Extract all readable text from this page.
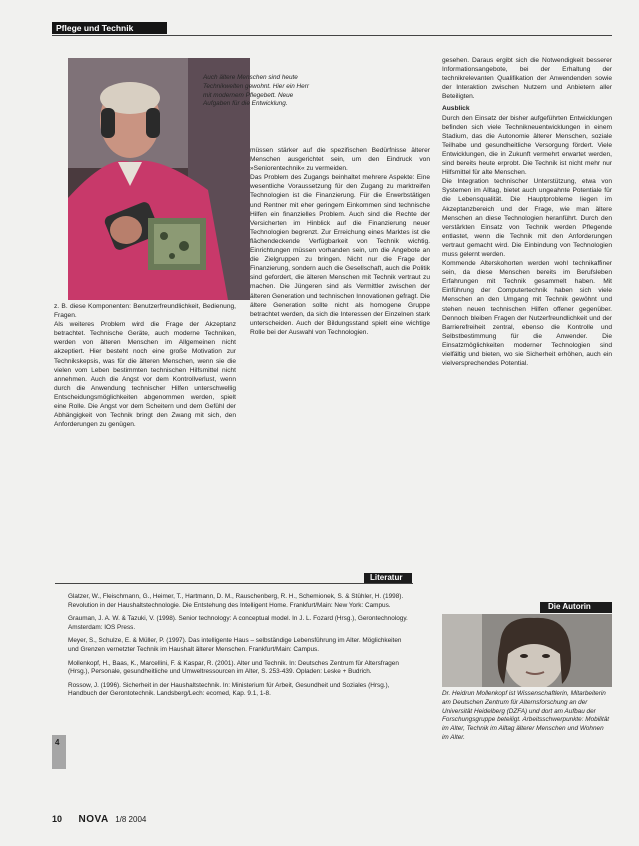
Pflege und Technik
Auch ältere Menschen sind heute Technikwelten gewohnt. Hier ein Herr mit modernem Pflegebett. Neue Aufgaben für die Entwicklung.

z. B. diese Komponenten: Benutzerfreundlichkeit, Bedienung, Fragen.

Als weiteres Problem wird die Frage der Akzeptanz betrachtet. Technische Geräte, auch moderne Techniken, werden von älteren Menschen im Allgemeinen nicht akzeptiert. Hier besteht noch eine große Motivation zur Technikskepsis, was für die älteren Menschen, wenn sie die vielen vom Leben bestimmten technischen Hilfsmittel nicht annehmen. Auch die Angst vor dem Kontrollverlust, wenn durch die Anwendung technischer Hilfen unterschwellig Entscheidungsmöglichkeiten abgenommen werden, spielt eine Rolle. Die Angst vor dem Scheitern und dem Gefühl der Abhängigkeit von Technik bringt den Zwang mit sich, den Anforderungen zu genügen.

müssen stärker auf die spezifischen Bedürfnisse älterer Menschen ausgerichtet sein, um den Eindruck von »Seniorentechnik« zu vermeiden.

Das Problem des Zugangs beinhaltet mehrere Aspekte: Eine wesentliche Voraussetzung für den Zugang zu marktreifen Technologien ist die Finanzierung. Für die Erwerbstätigen und Rentner mit eher geringem Einkommen sind technische Hilfen ein finanzielles Problem. Auch sind die Rechte der Versicherten im Hinblick auf die Finanzierung neuer Technologien begrenzt. Zur Erreichung eines Marktes ist die flächendeckende Verfügbarkeit von Technik wichtig. Einrichtungen müssen vorhanden sein, um die Angebote an die Zielgruppen zu bringen. Nicht nur die Frage der Finanzierung, sondern auch die Gesellschaft, auch die Politik sind gefordert, die älteren Menschen mit Technik vertraut zu machen. Die Jüngeren sind als Vermittler zwischen der älteren Generation und technischen Innovationen gefragt. Die ältere Generation sollte nicht als homogene Gruppe betrachtet werden, da sich die Interessen der Einzelnen stark unterscheiden. Auch der Bildungsstand spielt eine wichtige Rolle bei der Auswahl von Technologien.

gesehen. Daraus ergibt sich die Notwendigkeit besserer Informationsangebote, bei der Erhaltung der technikrelevanten Qualifikation der Anwendenden sowie der Interaktion zwischen Nutzern und Anbietern aller Beteiligten.

Ausblick

Durch den Einsatz der bisher aufgeführten Entwicklungen befinden sich viele Technikneuentwicklungen in einem Stadium, das die Autonomie älterer Menschen, soziale Teilhabe und gesundheitliche Versorgung fördert. Viele Entwicklungen, die in Zukunft vermehrt erwartet werden, sind bereits heute erprobt. Die Technik ist nicht mehr nur Hilfsmittel für alte Menschen.

Die Integration technischer Unterstützung, etwa von Systemen im Alltag, bietet auch ungeahnte Potentiale für die Lebensqualität. Die Hauptprobleme liegen im Akzeptanzbereich und der Frage, wie man ältere Menschen an diese Technologien heranführt. Durch den verstärkten Einsatz von Technik werden Pflegende entlastet, wenn die Technik mit den Anforderungen vertraut gemacht wird. Die Einbindung von Technologien muss gelernt werden.

Kommende Alterskohorten werden wohl technikaffiner sein, da diese Menschen bereits im Berufsleben Erfahrungen mit Technik gesammelt haben. Mit Einführung der Computertechnik haben sich viele Menschen an den Umgang mit Technik gewöhnt und stehen neuen technischen Hilfen offener gegenüber. Dennoch bleiben Fragen der Nutzerfreundlichkeit und der Barrierefreiheit zentral, ebenso die Kontrolle und Selbstbestimmung für die Anwender. Die Einsatzmöglichkeiten moderner Technologien sind vielfältig und bieten, wo sie Sicherheit erhöhen, auch ein vielversprechendes Potential.

Literatur

Glatzer, W., Fleischmann, G., Heimer, T., Hartmann, D. M., Rauschenberg, R. H., Schemionek, S. & Stühler, H. (1998). Revolution in der Haushaltstechnologie. Die Entstehung des Intelligent Home. Frankfurt/Main: New York: Campus.

Grauman, J. A. W. & Tazuki, V. (1998). Senior technology: A conceptual model. In J. L. Fozard (Hrsg.), Gerontechnology. Amsterdam: IOS Press.

Meyer, S., Schulze, E. & Müller, P. (1997). Das intelligente Haus – selbständige Lebensführung im Alter. Möglichkeiten und Grenzen vernetzter Technik im Haushalt älterer Menschen. Frankfurt/Main: Campus.

Mollenkopf, H., Baas, K., Marcellini, F. & Kaspar, R. (2001). Alter und Technik. In: Deutsches Zentrum für Altersfragen (Hrsg.), Personale, gesundheitliche und Umweltressourcen im Alter, S. 253-439. Opladen: Leske + Budrich.

Rossow, J. (1996). Sicherheit in der Haushaltstechnik. In: Ministerium für Arbeit, Gesundheit und Soziales (Hrsg.), Handbuch der Gerontotechnik. Landsberg/Lech: ecomed, Kap. 9.1, 1-8.

Die Autorin
Dr. Heidrun Mollenkopf ist Wissenschaftlerin, Mitarbeiterin am Deutschen Zentrum für Alternsforschung an der Universität Heidelberg (DZFA) und dort am Aufbau der Forschungsgruppe beteiligt. Arbeitsschwerpunkte: Mobilität im Alter, Technik im Alltag älterer Menschen und Wohnen im Alter.
4
10 NOVA 1/8 2004
